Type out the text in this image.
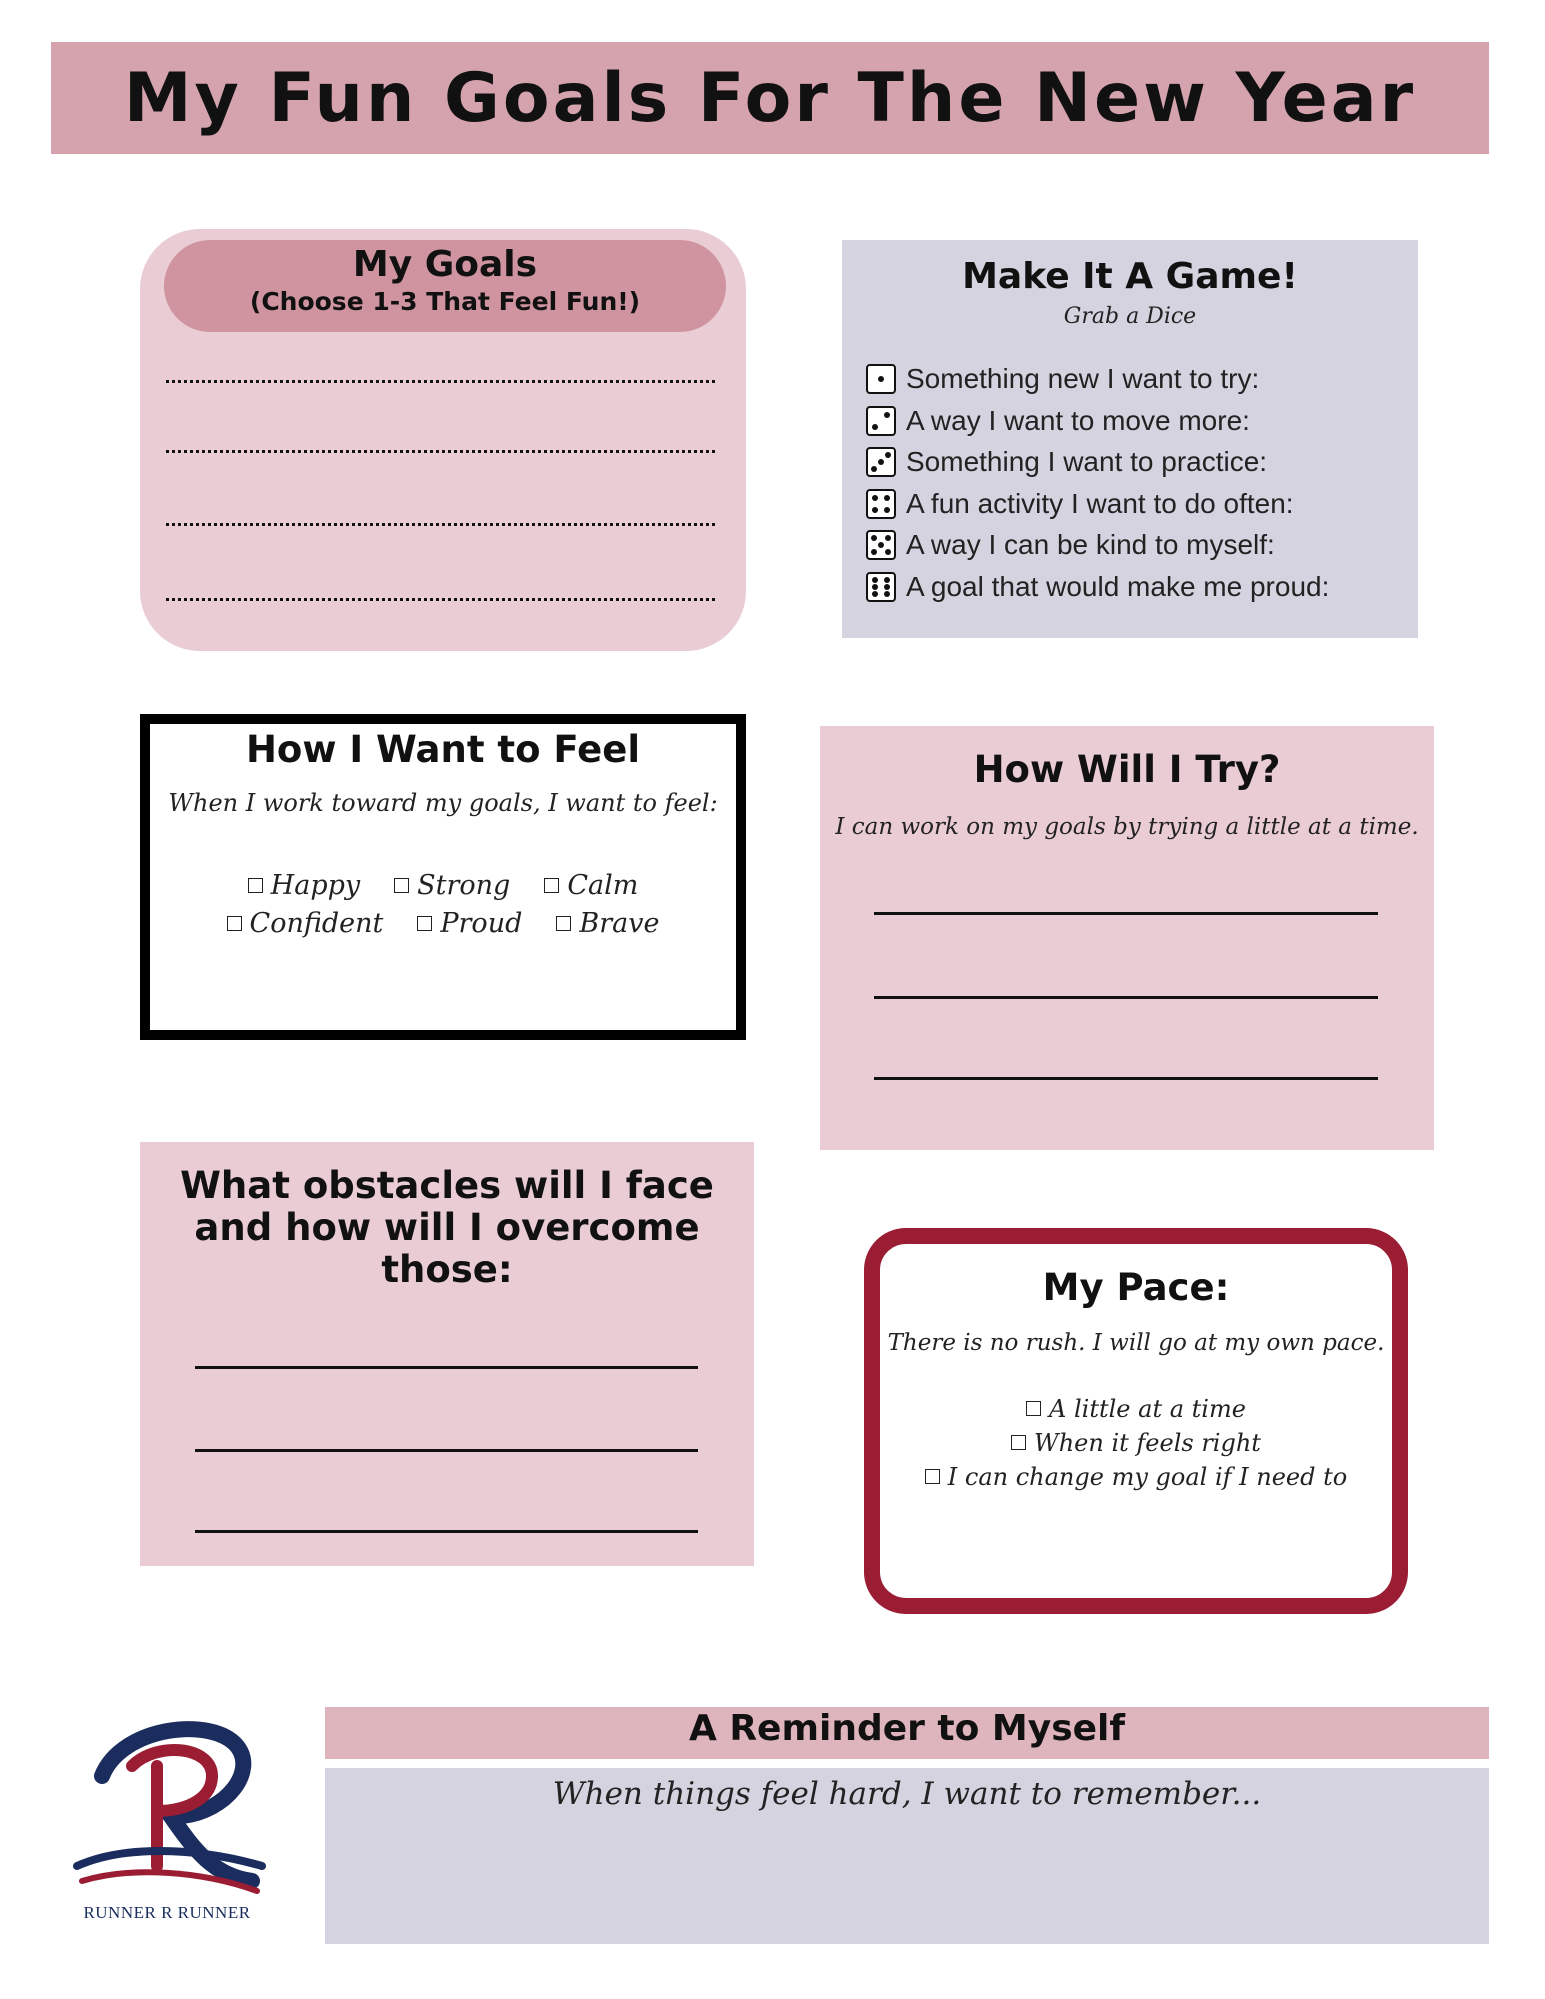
My Fun Goals For The New Year
My Goals
(Choose 1-3 That Feel Fun!)
Make It A Game!
Grab a Dice
Something new I want to try:
A way I want to move more:
Something I want to practice:
A fun activity I want to do often:
A way I can be kind to myself:
A goal that would make me proud:
How I Want to Feel
When I work toward my goals, I want to feel:
Happy	Strong	Calm
Confident	Proud	Brave
How Will I Try?
I can work on my goals by trying a little at a time.
What obstacles will I face and how will I overcome those:	My Pace:
There is no rush. I will go at my own pace.
A little at a time
When it feels right
I can change my goal if I need to
A Reminder to Myself
When things feel hard, I want to remember...
RUNNER R RUNNER
